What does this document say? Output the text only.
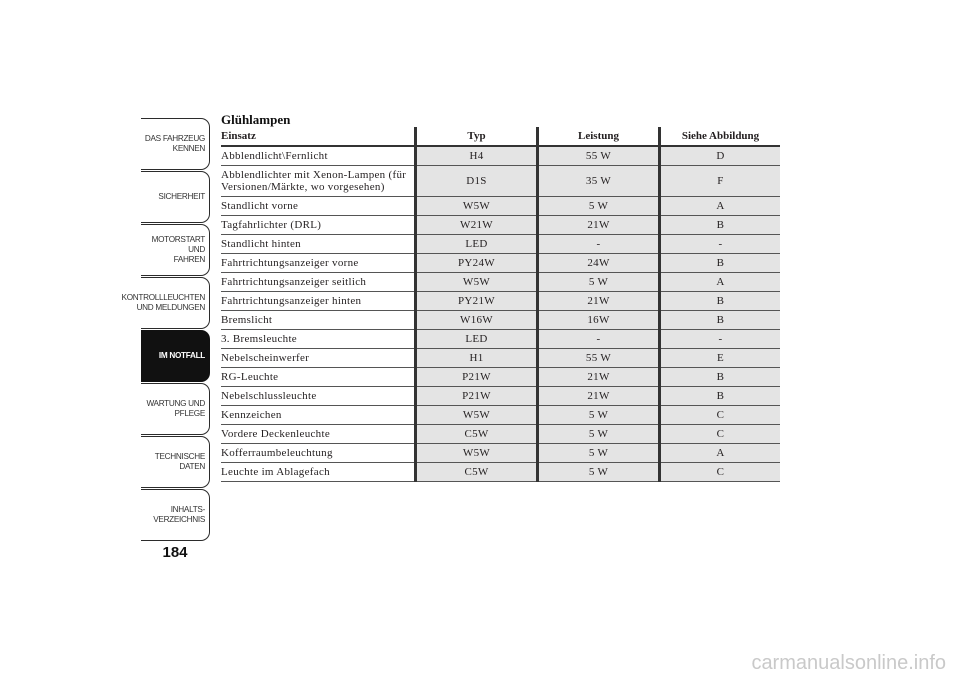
DAS FAHRZEUG
KENNEN
SICHERHEIT
MOTORSTART UND
FAHREN
KONTROLLLEUCHTEN
UND MELDUNGEN
IM NOTFALL
WARTUNG UND
PFLEGE
TECHNISCHE
DATEN
INHALTS-
VERZEICHNIS
184
Glühlampen
Einsatz	Typ	Leistung	Siehe Abbildung
Abblendlicht\Fernlicht	H4	55 W	D
Abblendlichter mit Xenon-Lampen (für Versionen/Märkte, wo vorgesehen)	D1S	35 W	F
Standlicht vorne	W5W	5 W	A
Tagfahrlichter (DRL)	W21W	21W	B
Standlicht hinten	LED	-	-
Fahrtrichtungsanzeiger vorne	PY24W	24W	B
Fahrtrichtungsanzeiger seitlich	W5W	5 W	A
Fahrtrichtungsanzeiger hinten	PY21W	21W	B
Bremslicht	W16W	16W	B
3. Bremsleuchte	LED	-	-
Nebelscheinwerfer	H1	55 W	E
RG-Leuchte	P21W	21W	B
Nebelschlussleuchte	P21W	21W	B
Kennzeichen	W5W	5 W	C
Vordere Deckenleuchte	C5W	5 W	C
Kofferraumbeleuchtung	W5W	5 W	A
Leuchte im Ablagefach	C5W	5 W	C
carmanualsonline.info
